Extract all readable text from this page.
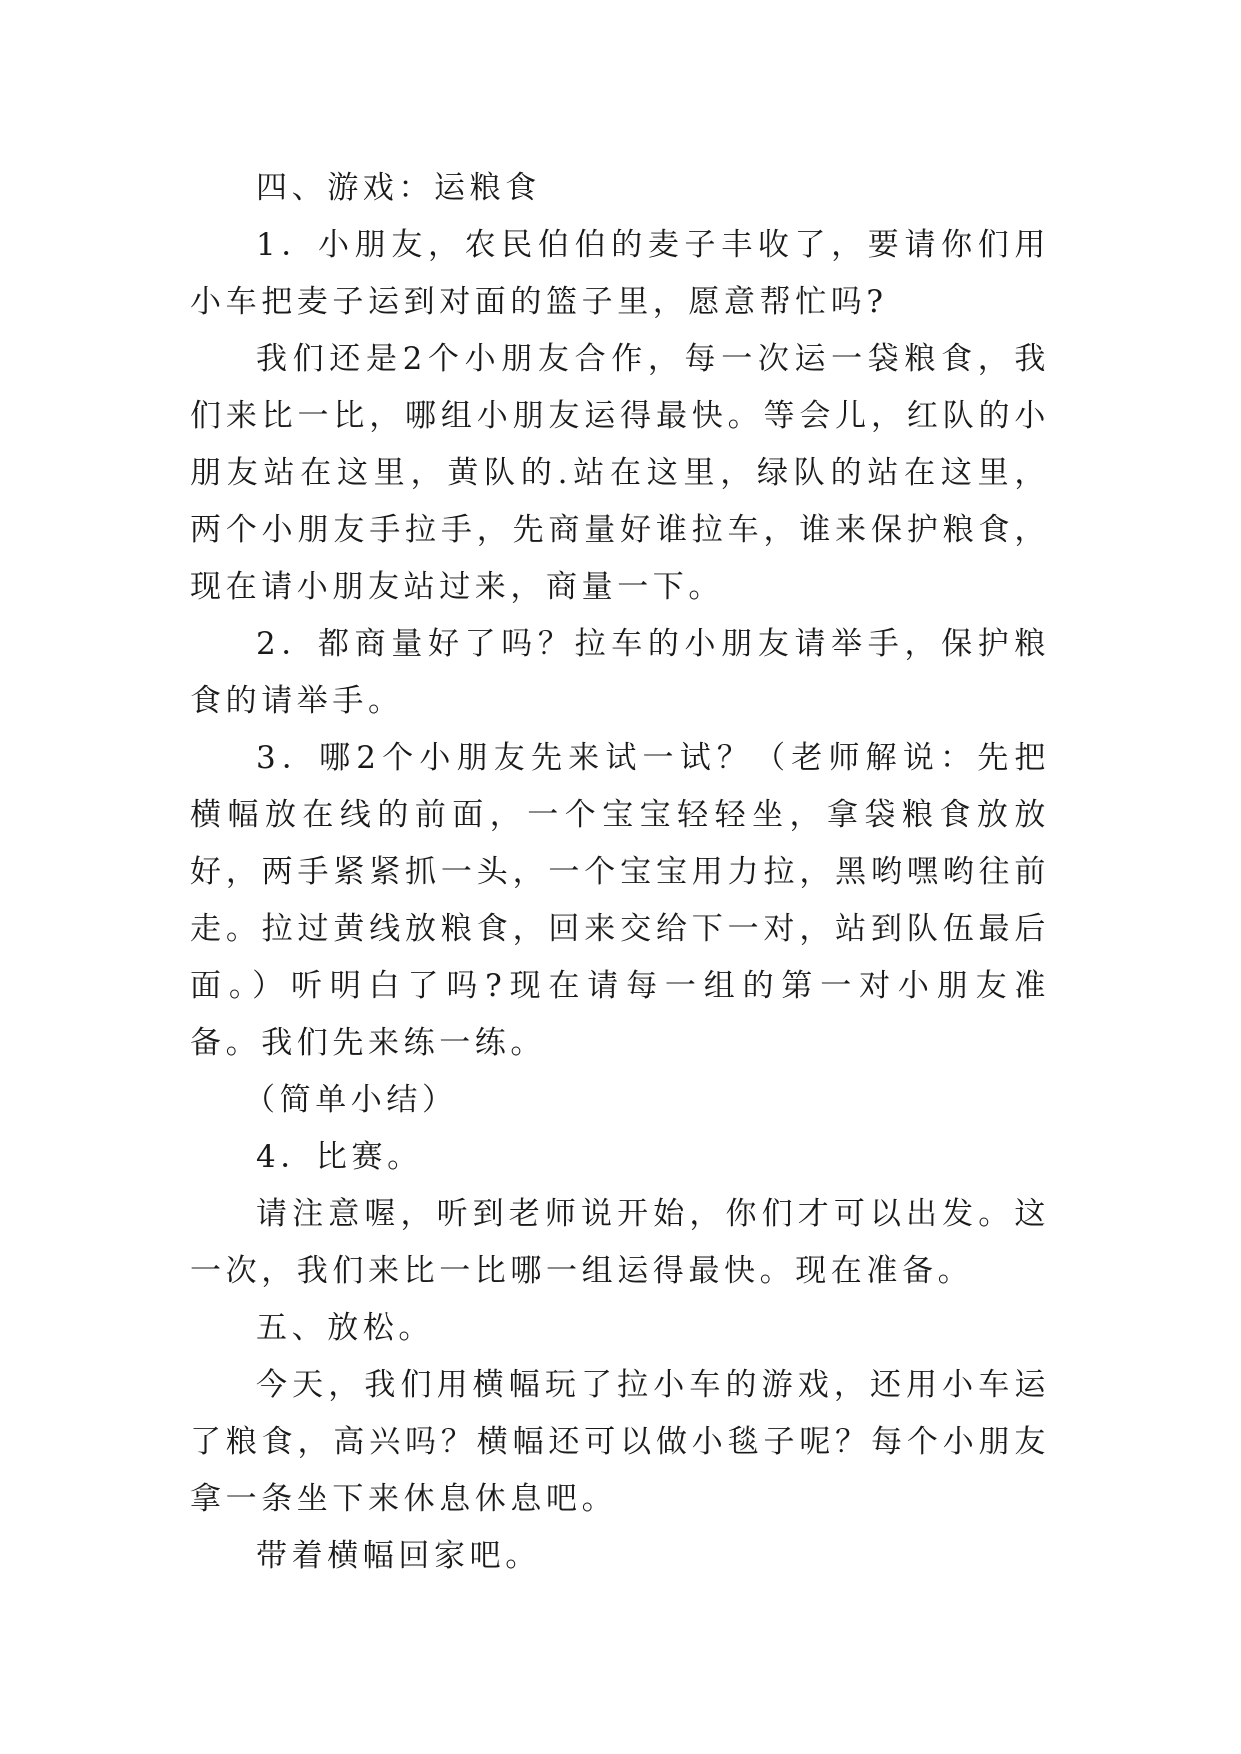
四、游戏：运粮食

1．小朋友，农民伯伯的麦子丰收了，要请你们用小车把麦子运到对面的篮子里，愿意帮忙吗?

我们还是2个小朋友合作，每一次运一袋粮食，我们来比一比，哪组小朋友运得最快。等会儿，红队的小朋友站在这里，黄队的.站在这里，绿队的站在这里，两个小朋友手拉手，先商量好谁拉车，谁来保护粮食，现在请小朋友站过来，商量一下。

2．都商量好了吗？拉车的小朋友请举手，保护粮食的请举手。

3．哪2个小朋友先来试一试？（老师解说：先把横幅放在线的前面，一个宝宝轻轻坐，拿袋粮食放放好，两手紧紧抓一头，一个宝宝用力拉，黑哟嘿哟往前走。拉过黄线放粮食，回来交给下一对，站到队伍最后面。）听明白了吗?现在请每一组的第一对小朋友准备。我们先来练一练。

（简单小结）

4．比赛。

请注意喔，听到老师说开始，你们才可以出发。这一次，我们来比一比哪一组运得最快。现在准备。

五、放松。

今天，我们用横幅玩了拉小车的游戏，还用小车运了粮食，高兴吗？横幅还可以做小毯子呢？每个小朋友拿一条坐下来休息休息吧。

带着横幅回家吧。
